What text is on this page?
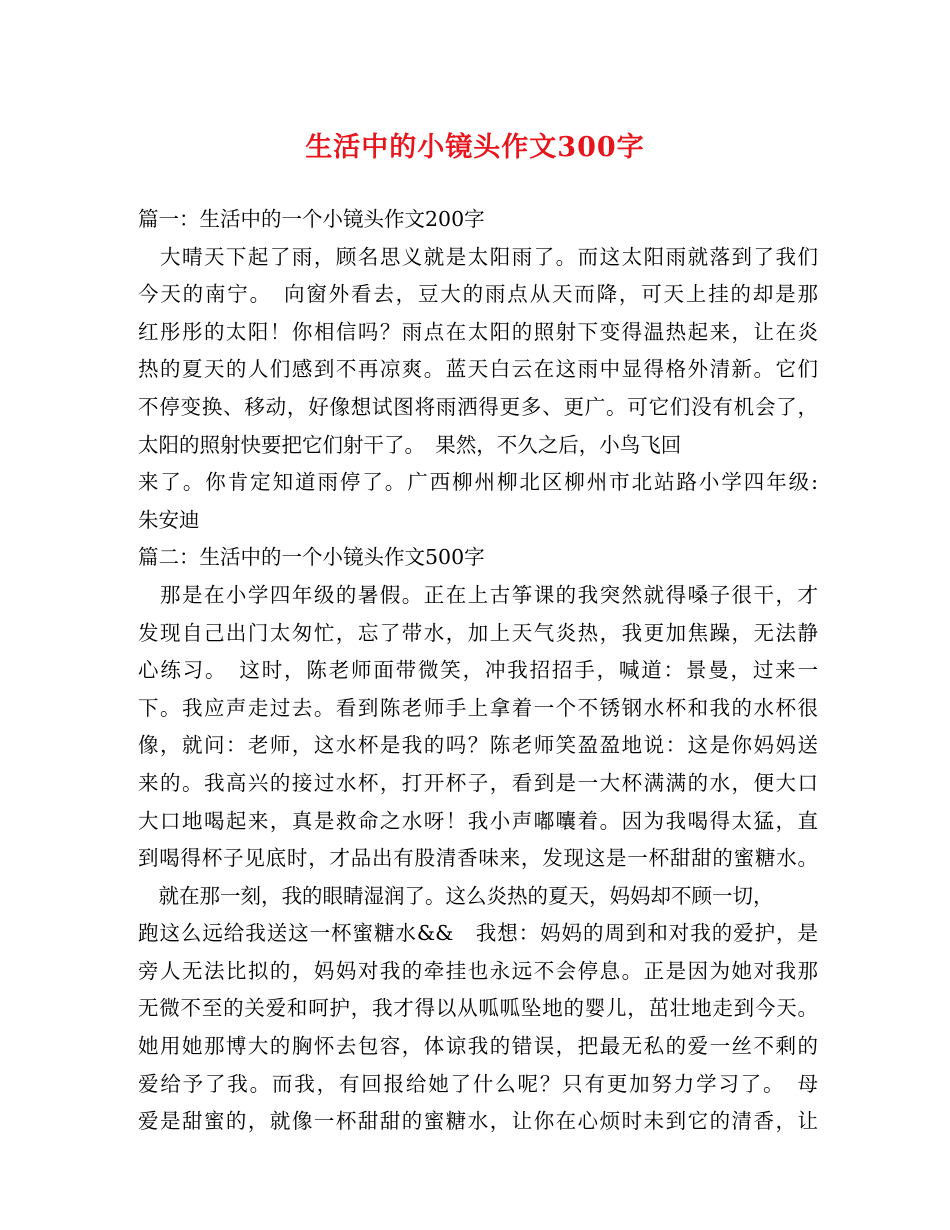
生活中的小镜头作文300字
篇一：生活中的一个小镜头作文200字
　大晴天下起了雨，顾名思义就是太阳雨了。而这太阳雨就落到了我们
今天的南宁。　向窗外看去，豆大的雨点从天而降，可天上挂的却是那
红彤彤的太阳！你相信吗？雨点在太阳的照射下变得温热起来，让在炎
热的夏天的人们感到不再凉爽。蓝天白云在这雨中显得格外清新。它们
不停变换、移动，好像想试图将雨洒得更多、更广。可它们没有机会了，
太阳的照射快要把它们射干了。　果然，不久之后，小鸟飞回
来了。你肯定知道雨停了。广西柳州柳北区柳州市北站路小学四年级:
朱安迪
篇二：生活中的一个小镜头作文500字
　那是在小学四年级的暑假。正在上古筝课的我突然就得嗓子很干，才
发现自己出门太匆忙，忘了带水，加上天气炎热，我更加焦躁，无法静
心练习。　这时，陈老师面带微笑，冲我招招手，喊道：景曼，过来一
下。我应声走过去。看到陈老师手上拿着一个不锈钢水杯和我的水杯很
像，就问：老师，这水杯是我的吗？陈老师笑盈盈地说：这是你妈妈送
来的。我高兴的接过水杯，打开杯子，看到是一大杯满满的水，便大口
大口地喝起来，真是救命之水呀！我小声嘟囔着。因为我喝得太猛，直
到喝得杯子见底时，才品出有股清香味来，发现这是一杯甜甜的蜜糖水。
　就在那一刻，我的眼睛湿润了。这么炎热的夏天，妈妈却不顾一切，
跑这么远给我送这一杯蜜糖水&&　我想：妈妈的周到和对我的爱护，是
旁人无法比拟的，妈妈对我的牵挂也永远不会停息。正是因为她对我那
无微不至的关爱和呵护，我才得以从呱呱坠地的婴儿，茁壮地走到今天。
她用她那博大的胸怀去包容，体谅我的错误，把最无私的爱一丝不剩的
爱给予了我。而我，有回报给她了什么呢？只有更加努力学习了。　母
爱是甜蜜的，就像一杯甜甜的蜜糖水，让你在心烦时未到它的清香，让
